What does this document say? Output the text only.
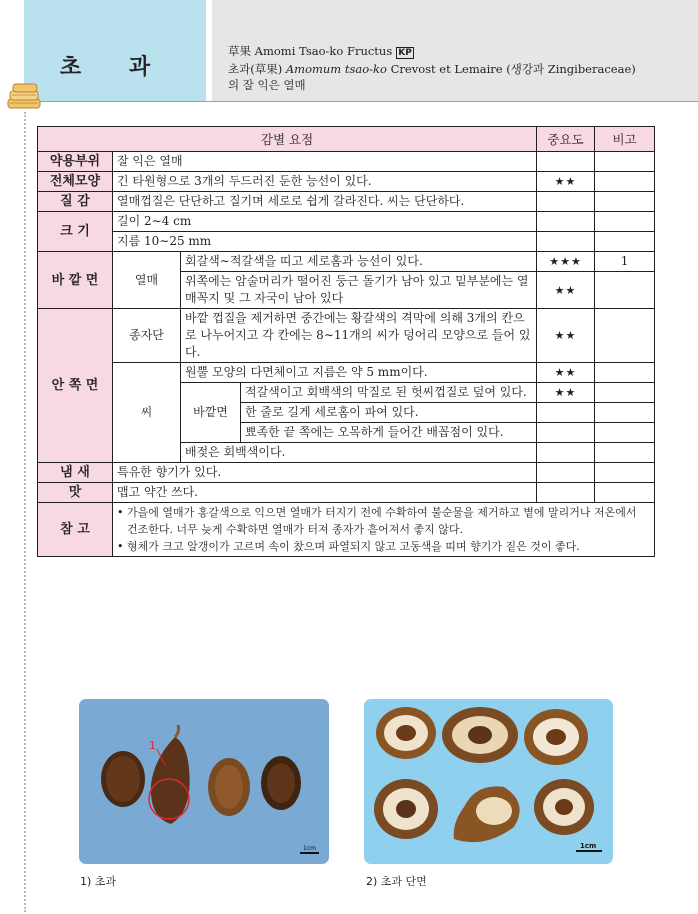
초 과
草果 Amomi Tsao-ko Fructus KP
초과(草果) Amomum tsao-ko Crevost et Lemaire (생강과 Zingiberaceae)
의 잘 익은 열매
감별 요점				중요도	비고
약용부위	잘 익은 열매				
전체모양	긴 타원형으로 3개의 두드러진 둔한 능선이 있다.			★★	
질 감	열매껍질은 단단하고 질기며 세로로 쉽게 갈라진다. 씨는 단단하다.				
크 기	길이 2∼4 cm				
	지름 10∼25 mm				
바 깥 면	열매	회갈색∼적갈색을 띠고 세로홈과 능선이 있다.		★★★	1
		위쪽에는 암술머리가 떨어진 둥근 돌기가 남아 있고 밑부분에는 열매꼭지 및 그 자국이 남아 있다		★★	
안 쪽 면	종자단	바깥 껍질을 제거하면 중간에는 황갈색의 격막에 의해 3개의 칸으로 나누어지고 각 칸에는 8∼11개의 씨가 덩어리 모양으로 들어 있다.		★★	
	씨	원뿔 모양의 다면체이고 지름은 약 5 mm이다.		★★	
		바깥면	적갈색이고 회백색의 막질로 된 헛씨껍질로 덮여 있다.	★★	
			한 줄로 길게 세로홈이 파여 있다.		
			뾰족한 끝 쪽에는 오목하게 들어간 배꼽점이 있다.		
		배젖은 회백색이다.			
냄 새	특유한 향기가 있다.				
맛	맵고 약간 쓰다.				
참 고	• 가을에 열매가 홍갈색으로 익으면 열매가 터지기 전에 수확하여 불순물을 제거하고 볕에 말리거나 저온에서 건조한다. 너무 늦게 수확하면 열매가 터져 종자가 흩어져서 좋지 않다.
• 형체가 크고 알갱이가 고르며 속이 찼으며 파열되지 않고 고동색을 띠며 향기가 짙은 것이 좋다.				
1
1cm
1) 초과
1cm
2) 초과 단면
